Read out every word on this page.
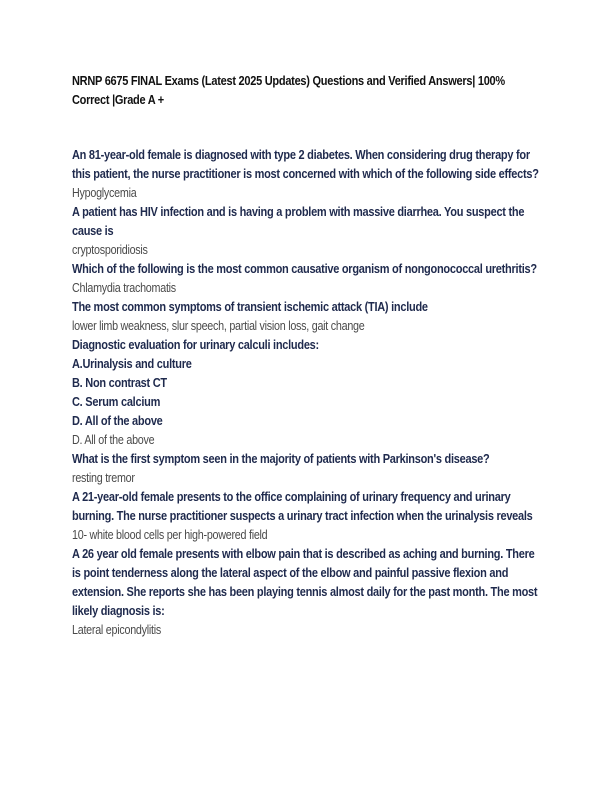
NRNP 6675 FINAL Exams (Latest 2025 Updates) Questions and Verified Answers| 100% Correct |Grade A +
An 81-year-old female is diagnosed with type 2 diabetes. When considering drug therapy for this patient, the nurse practitioner is most concerned with which of the following side effects?
Hypoglycemia
A patient has HIV infection and is having a problem with massive diarrhea. You suspect the cause is
cryptosporidiosis
Which of the following is the most common causative organism of nongonococcal urethritis?
Chlamydia trachomatis
The most common symptoms of transient ischemic attack (TIA) include
lower limb weakness, slur speech, partial vision loss, gait change
Diagnostic evaluation for urinary calculi includes:
A.Urinalysis and culture
B. Non contrast CT
C. Serum calcium
D. All of the above
D. All of the above
What is the first symptom seen in the majority of patients with Parkinson's disease?
resting tremor
A 21-year-old female presents to the office complaining of urinary frequency and urinary burning. The nurse practitioner suspects a urinary tract infection when the urinalysis reveals
10- white blood cells per high-powered field
A 26 year old female presents with elbow pain that is described as aching and burning. There is point tenderness along the lateral aspect of the elbow and painful passive flexion and extension. She reports she has been playing tennis almost daily for the past month. The most likely diagnosis is:
Lateral epicondylitis
